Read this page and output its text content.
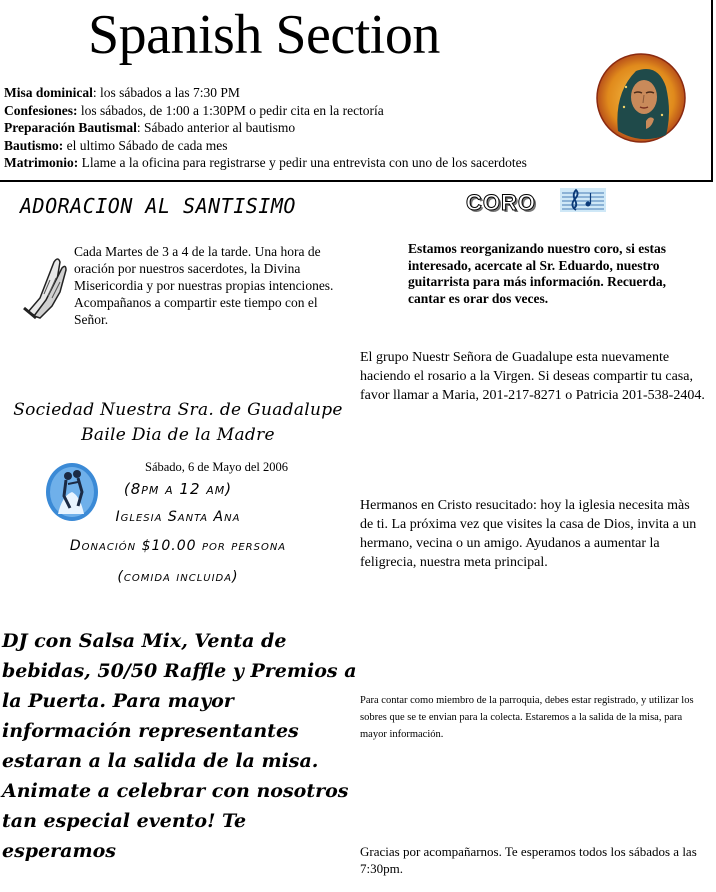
Spanish Section
Misa dominical: los sábados a las 7:30 PM
Confesiones: los sábados, de 1:00 a 1:30PM o pedir cita en la rectoría
Preparación Bautismal: Sábado anterior al bautismo
Bautismo: el ultimo Sábado de cada mes
Matrimonio: Llame a la oficina para registrarse y pedir una entrevista con uno de los sacerdotes
ADORACION AL SANTISIMO
Cada Martes de 3 a 4 de la tarde. Una hora de oración por nuestros sacerdotes, la Divina Misericordia y por nuestras propias intenciones. Acompañanos a compartir este tiempo con el Señor.
CORO
Estamos reorganizando nuestro coro, si estas interesado, acercate al Sr. Eduardo, nuestro guitarrista para más información. Recuerda, cantar es orar dos veces.
El grupo Nuestr Señora de Guadalupe esta nuevamente haciendo el rosario a la Virgen. Si deseas compartir tu casa, favor llamar a Maria, 201-217-8271 o Patricia 201-538-2404.
Sociedad Nuestra Sra. de Guadalupe
Baile Dia de la Madre
Sábado, 6 de Mayo del 2006
(8pm a 12 am)
Iglesia Santa Ana
Donación $10.00 por persona
(comida incluida)
Hermanos en Cristo resucitado: hoy la iglesia necesita màs de ti. La próxima vez que visites la casa de Dios, invita a un hermano, vecina o un amigo. Ayudanos a aumentar la feligrecia, nuestra meta principal.
DJ con Salsa Mix, Venta de bebidas, 50/50 Raffle y Premios a la Puerta. Para mayor información representantes estaran a la salida de la misa. Animate a celebrar con nosotros tan especial evento! Te esperamos
Para contar como miembro de la parroquia, debes estar registrado, y utilizar los sobres que se te envian para la colecta. Estaremos a la salida de la misa, para mayor información.
Gracias por acompañarnos. Te esperamos todos los sábados a las 7:30pm.
